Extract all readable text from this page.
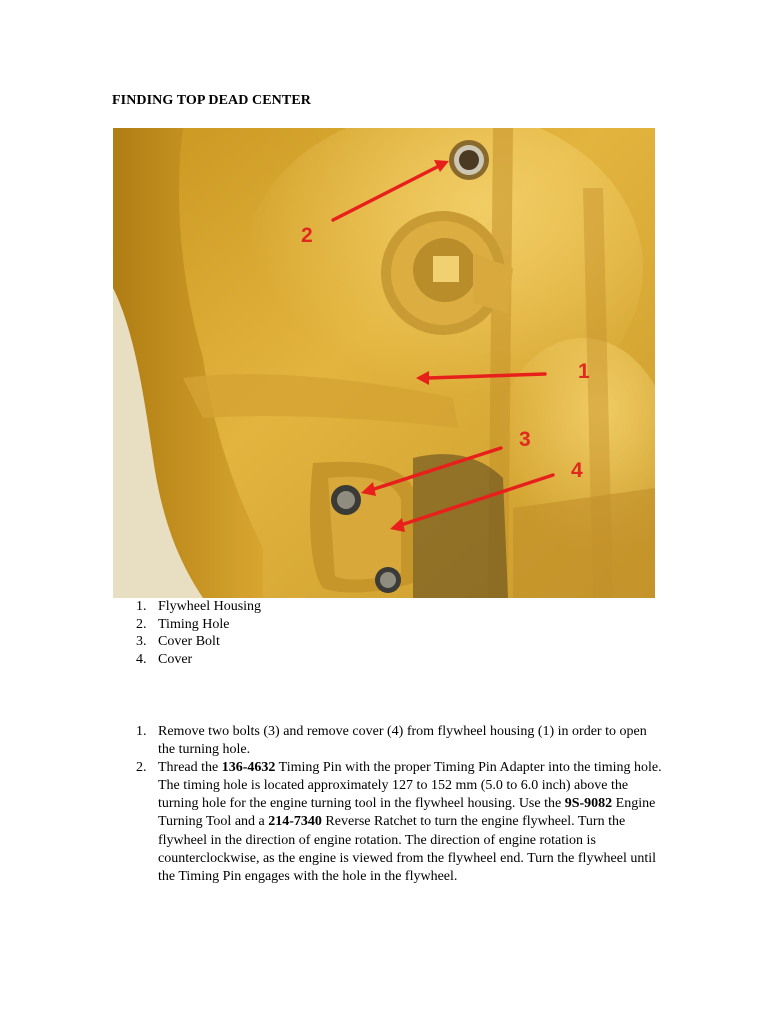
FINDING TOP DEAD CENTER
1
2
3
4
1. Flywheel Housing
2. Timing Hole
3. Cover Bolt
4. Cover
1. Remove two bolts (3) and remove cover (4) from flywheel housing (1) in order to open the turning hole.
2. Thread the 136-4632 Timing Pin with the proper Timing Pin Adapter into the timing hole. The timing hole is located approximately 127 to 152 mm (5.0 to 6.0 inch) above the turning hole for the engine turning tool in the flywheel housing. Use the 9S-9082 Engine Turning Tool and a 214-7340 Reverse Ratchet to turn the engine flywheel. Turn the flywheel in the direction of engine rotation. The direction of engine rotation is counterclockwise, as the engine is viewed from the flywheel end. Turn the flywheel until the Timing Pin engages with the hole in the flywheel.
